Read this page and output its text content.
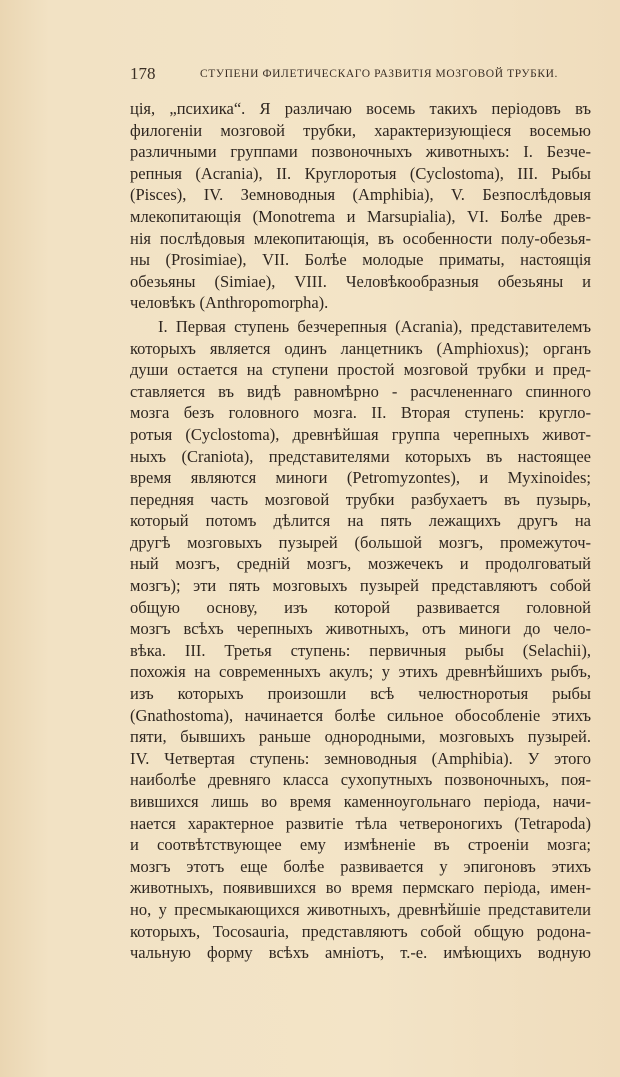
178	СТУПЕНИ ФИЛЕТИЧЕСКАГО РАЗВИТІЯ МОЗГОВОЙ ТРУБКИ.
ція, „психика“. Я различаю восемь такихъ періодовъ въ
филогеніи мозговой трубки, характеризующіеся восемью
различными группами позвоночныхъ животныхъ: I. Безче-
репныя (Acrania), II. Круглоротыя (Cyclostoma), III. Рыбы
(Pisces), IV. Земноводныя (Amphibia), V. Безпослѣдовыя
млекопитающія (Monotrema и Marsupialia), VI. Болѣе древ-
нія послѣдовыя млекопитающія, въ особенности полу-обезья-
ны (Prosimiae), VII. Болѣе молодые приматы, настоящія
обезьяны (Simiae), VIII. Человѣкообразныя обезьяны и
человѣкъ (Anthropomorpha).
I. Первая ступень безчерепныя (Acrania), представителемъ
которыхъ является одинъ ланцетникъ (Amphioxus); органъ
души остается на ступени простой мозговой трубки и пред-
ставляется въ видѣ равномѣрно - расчлененнаго спинного
мозга безъ головного мозга. II. Вторая ступень: кругло-
ротыя (Cyclostoma), древнѣйшая группа черепныхъ живот-
ныхъ (Craniota), представителями которыхъ въ настоящее
время являются миноги (Petromyzontes), и Myxinoides;
передняя часть мозговой трубки разбухаетъ въ пузырь,
который потомъ дѣлится на пять лежащихъ другъ на
другѣ мозговыхъ пузырей (большой мозгъ, промежуточ-
ный мозгъ, средній мозгъ, мозжечекъ и продолговатый
мозгъ); эти пять мозговыхъ пузырей представляютъ собой
общую основу, изъ которой развивается головной
мозгъ всѣхъ черепныхъ животныхъ, отъ миноги до чело-
вѣка. III. Третья ступень: первичныя рыбы (Selachii),
похожія на современныхъ акулъ; у этихъ древнѣйшихъ рыбъ,
изъ которыхъ произошли всѣ челюстноротыя рыбы
(Gnathostoma), начинается болѣе сильное обособленіе этихъ
пяти, бывшихъ раньше однородными, мозговыхъ пузырей.
IV. Четвертая ступень: земноводныя (Amphibia). У этого
наиболѣе древняго класса сухопутныхъ позвоночныхъ, поя-
вившихся лишь во время каменноугольнаго періода, начи-
нается характерное развитіе тѣла четвероногихъ (Tetrapoda)
и соотвѣтствующее ему измѣненіе въ строеніи мозга;
мозгъ этотъ еще болѣе развивается у эпигоновъ этихъ
животныхъ, появившихся во время пермскаго періода, имен-
но, у пресмыкающихся животныхъ, древнѣйшіе представители
которыхъ, Tocosauria, представляютъ собой общую родона-
чальную форму всѣхъ амніотъ, т.-е. имѣющихъ водную
